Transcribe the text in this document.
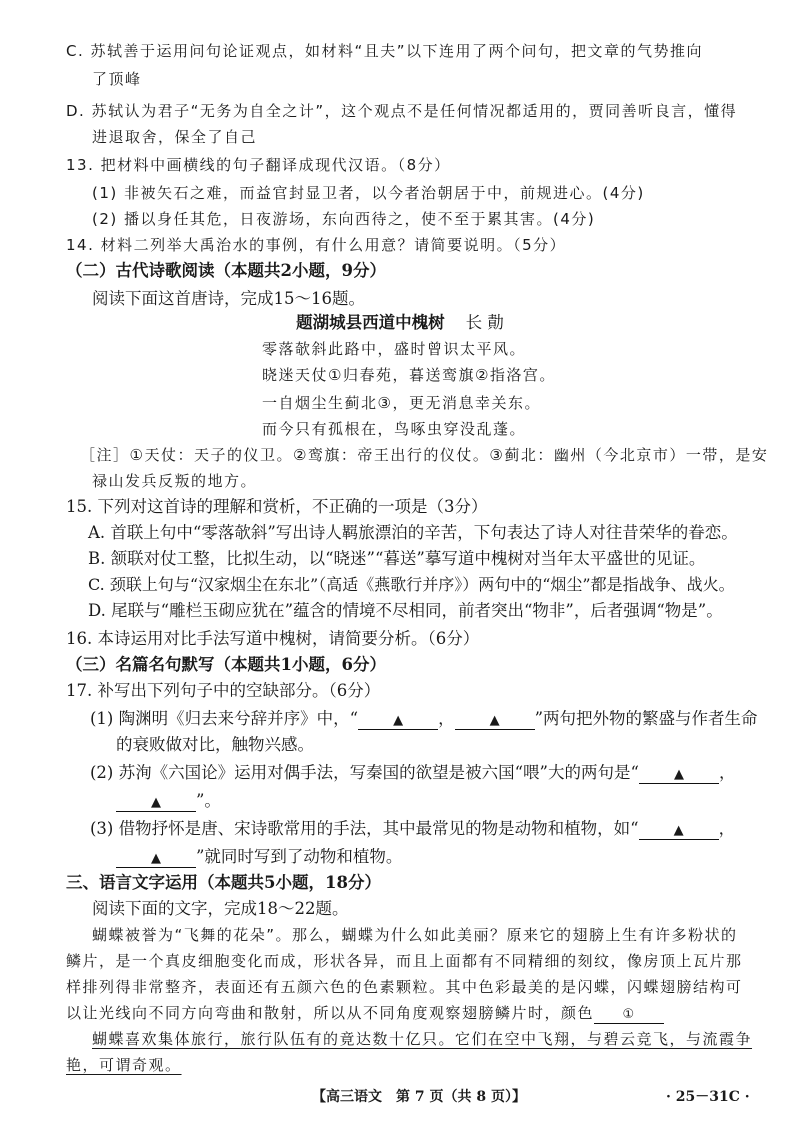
C. 苏轼善于运用问句论证观点，如材料“且夫”以下连用了两个问句，把文章的气势推向
了顶峰
D. 苏轼认为君子“无务为自全之计”，这个观点不是任何情况都适用的，贾同善听良言，懂得
进退取舍，保全了自己
13. 把材料中画横线的句子翻译成现代汉语。（8分）
(1) 非被矢石之难，而益官封显卫者，以今者治朝居于中，前规进心。(4分)
(2) 播以身任其危，日夜游场，东向西待之，使不至于累其害。(4分)
14. 材料二列举大禹治水的事例，有什么用意？请简要说明。（5分）
（二）古代诗歌阅读（本题共2小题，9分）
阅读下面这首唐诗，完成15～16题。
题湖城县西道中槐树 长 勣
零落欹斜此路中，盛时曾识太平风。
晓迷天仗①归春苑，暮送鸾旗②指洛宫。
一自烟尘生蓟北③，更无消息幸关东。
而今只有孤根在，鸟啄虫穿没乱蓬。
［注］①天仗：天子的仪卫。②鸾旗：帝王出行的仪仗。③蓟北：幽州（今北京市）一带，是安
禄山发兵反叛的地方。
15. 下列对这首诗的理解和赏析，不正确的一项是（3分）
A. 首联上句中“零落欹斜”写出诗人羁旅漂泊的辛苦，下句表达了诗人对往昔荣华的眷恋。
B. 颔联对仗工整，比拟生动，以“晓迷”“暮送”摹写道中槐树对当年太平盛世的见证。
C. 颈联上句与“汉家烟尘在东北”（高适《燕歌行并序》）两句中的“烟尘”都是指战争、战火。
D. 尾联与“雕栏玉砌应犹在”蕴含的情境不尽相同，前者突出“物非”，后者强调“物是”。
16. 本诗运用对比手法写道中槐树，请简要分析。（6分）
（三）名篇名句默写（本题共1小题，6分）
17. 补写出下列句子中的空缺部分。（6分）
(1) 陶渊明《归去来兮辞并序》中，“	▲ ，	▲ ”两句把外物的繁盛与作者生命
的衰败做对比，触物兴感。
(2) 苏洵《六国论》运用对偶手法，写秦国的欲望是被六国“喂”大的两句是“	▲ ，
▲ ”。
(3) 借物抒怀是唐、宋诗歌常用的手法，其中最常见的物是动物和植物，如“	▲ ，
▲ ”就同时写到了动物和植物。
三、语言文字运用（本题共5小题，18分）
阅读下面的文字，完成18～22题。
蝴蝶被誉为“飞舞的花朵”。那么，蝴蝶为什么如此美丽？原来它的翅膀上生有许多粉状的
鳞片，是一个真皮细胞变化而成，形状各异，而且上面都有不同精细的刻纹，像房顶上瓦片那
样排列得非常整齐，表面还有五颜六色的色素颗粒。其中色彩最美的是闪蝶，闪蝶翅膀结构可
以让光线向不同方向弯曲和散射，所以从不同角度观察翅膀鳞片时，颜色 ①
蝴蝶喜欢集体旅行，旅行队伍有的竟达数十亿只。它们在空中飞翔，与碧云竞飞，与流霞争
艳，可谓奇观。
【高三语文　第 7 页（共 8 页）】	· 25－31C ·
